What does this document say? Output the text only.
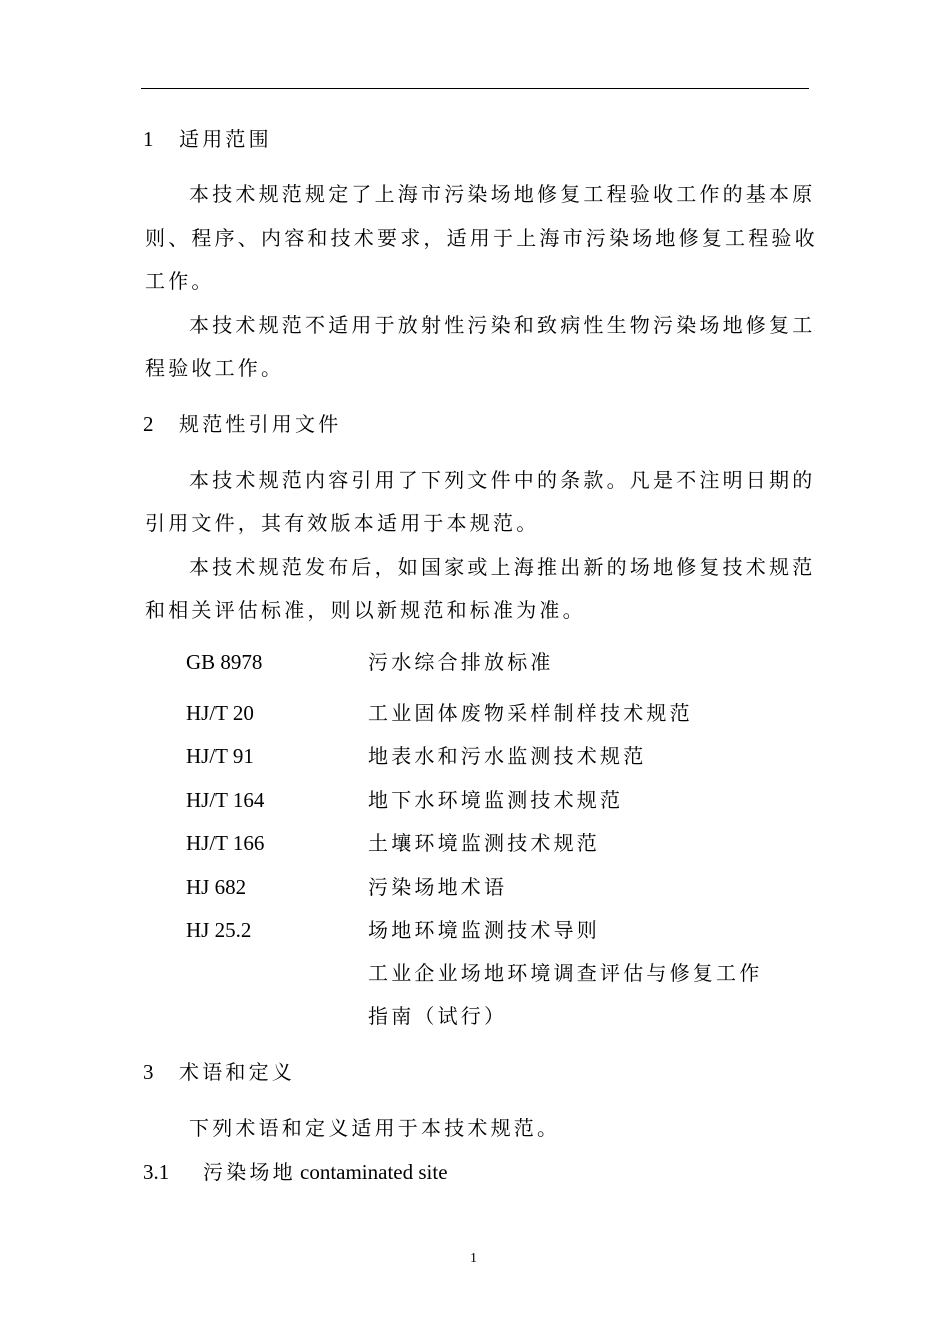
1 适用范围
本技术规范规定了上海市污染场地修复工程验收工作的基本原
则、程序、内容和技术要求，适用于上海市污染场地修复工程验收
工作。
本技术规范不适用于放射性污染和致病性生物污染场地修复工
程验收工作。
2 规范性引用文件
本技术规范内容引用了下列文件中的条款。凡是不注明日期的
引用文件，其有效版本适用于本规范。
本技术规范发布后，如国家或上海推出新的场地修复技术规范
和相关评估标准，则以新规范和标准为准。
GB 8978	污水综合排放标准
HJ/T 20	工业固体废物采样制样技术规范
HJ/T 91	地表水和污水监测技术规范
HJ/T 164	地下水环境监测技术规范
HJ/T 166	土壤环境监测技术规范
HJ 682	污染场地术语
HJ 25.2	场地环境监测技术导则
工业企业场地环境调查评估与修复工作
指南（试行）
3 术语和定义
下列术语和定义适用于本技术规范。
3.1 污染场地 contaminated site
1
